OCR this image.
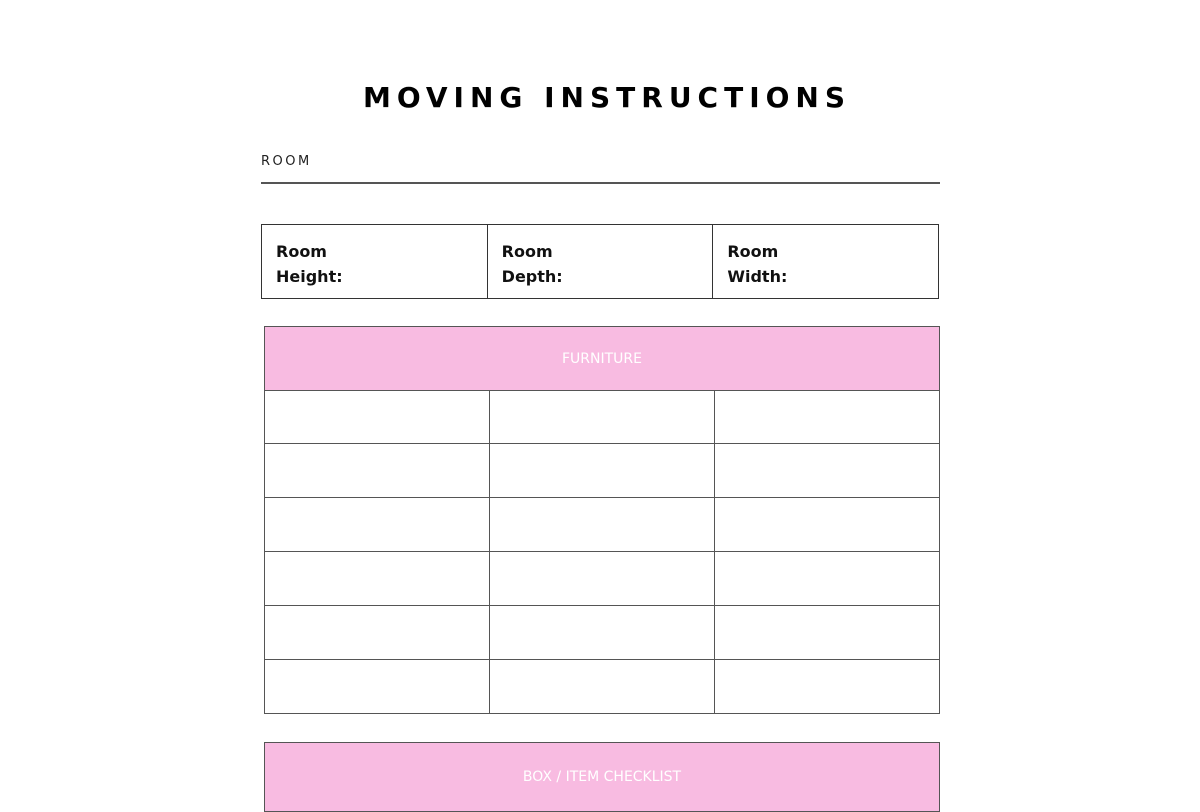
MOVING INSTRUCTIONS
ROOM
Room
Height:
Room
Depth:
Room
Width:
FURNITURE
BOX / ITEM CHECKLIST
